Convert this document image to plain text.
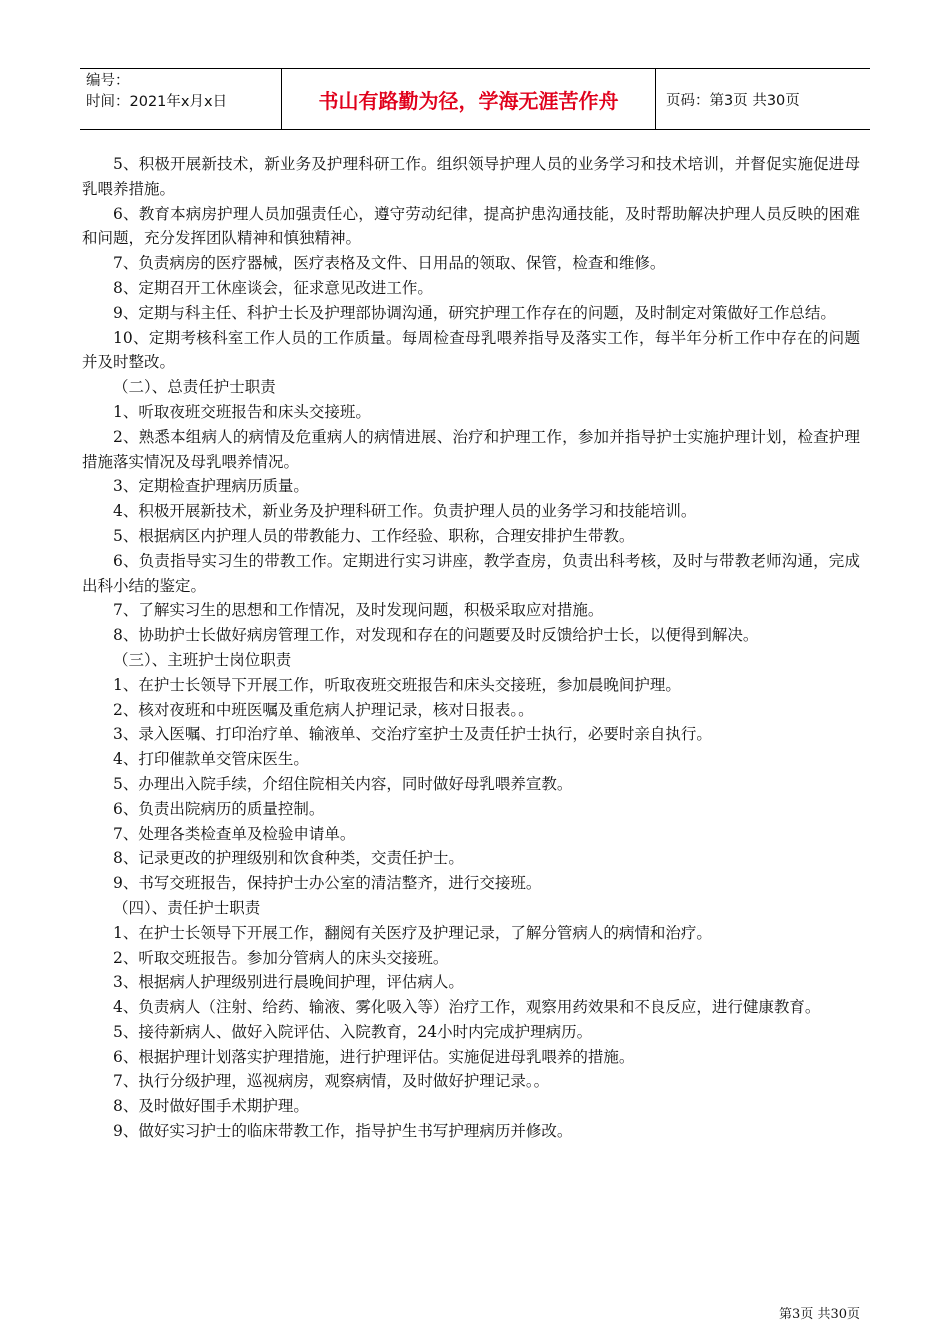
编号：
时间：2021年x月x日	书山有路勤为径，学海无涯苦作舟	页码：第3页 共30页

5、积极开展新技术，新业务及护理科研工作。组织领导护理人员的业务学习和技术培训，并督促实施促进母乳喂养措施。

6、教育本病房护理人员加强责任心，遵守劳动纪律，提高护患沟通技能，及时帮助解决护理人员反映的困难和问题，充分发挥团队精神和慎独精神。

7、负责病房的医疗器械，医疗表格及文件、日用品的领取、保管，检查和维修。

8、定期召开工休座谈会，征求意见改进工作。

9、定期与科主任、科护士长及护理部协调沟通，研究护理工作存在的问题，及时制定对策做好工作总结。

10、定期考核科室工作人员的工作质量。每周检查母乳喂养指导及落实工作，每半年分析工作中存在的问题并及时整改。

（二）、总责任护士职责

1、听取夜班交班报告和床头交接班。

2、熟悉本组病人的病情及危重病人的病情进展、治疗和护理工作，参加并指导护士实施护理计划，检查护理措施落实情况及母乳喂养情况。

3、定期检查护理病历质量。

4、积极开展新技术，新业务及护理科研工作。负责护理人员的业务学习和技能培训。

5、根据病区内护理人员的带教能力、工作经验、职称，合理安排护生带教。

6、负责指导实习生的带教工作。定期进行实习讲座，教学查房，负责出科考核，及时与带教老师沟通，完成出科小结的鉴定。

7、了解实习生的思想和工作情况，及时发现问题，积极采取应对措施。

8、协助护士长做好病房管理工作，对发现和存在的问题要及时反馈给护士长，以便得到解决。

（三）、主班护士岗位职责

1、在护士长领导下开展工作，听取夜班交班报告和床头交接班，参加晨晚间护理。

2、核对夜班和中班医嘱及重危病人护理记录，核对日报表。。

3、录入医嘱、打印治疗单、输液单、交治疗室护士及责任护士执行，必要时亲自执行。

4、打印催款单交管床医生。

5、办理出入院手续，介绍住院相关内容，同时做好母乳喂养宣教。

6、负责出院病历的质量控制。

7、处理各类检查单及检验申请单。

8、记录更改的护理级别和饮食种类，交责任护士。

9、书写交班报告，保持护士办公室的清洁整齐，进行交接班。

（四）、责任护士职责

1、在护士长领导下开展工作，翻阅有关医疗及护理记录，了解分管病人的病情和治疗。

2、听取交班报告。参加分管病人的床头交接班。

3、根据病人护理级别进行晨晚间护理，评估病人。

4、负责病人（注射、给药、输液、雾化吸入等）治疗工作，观察用药效果和不良反应，进行健康教育。

5、接待新病人、做好入院评估、入院教育，24小时内完成护理病历。

6、根据护理计划落实护理措施，进行护理评估。实施促进母乳喂养的措施。

7、执行分级护理，巡视病房，观察病情，及时做好护理记录。。

8、及时做好围手术期护理。

9、做好实习护士的临床带教工作，指导护生书写护理病历并修改。

第3页 共30页
